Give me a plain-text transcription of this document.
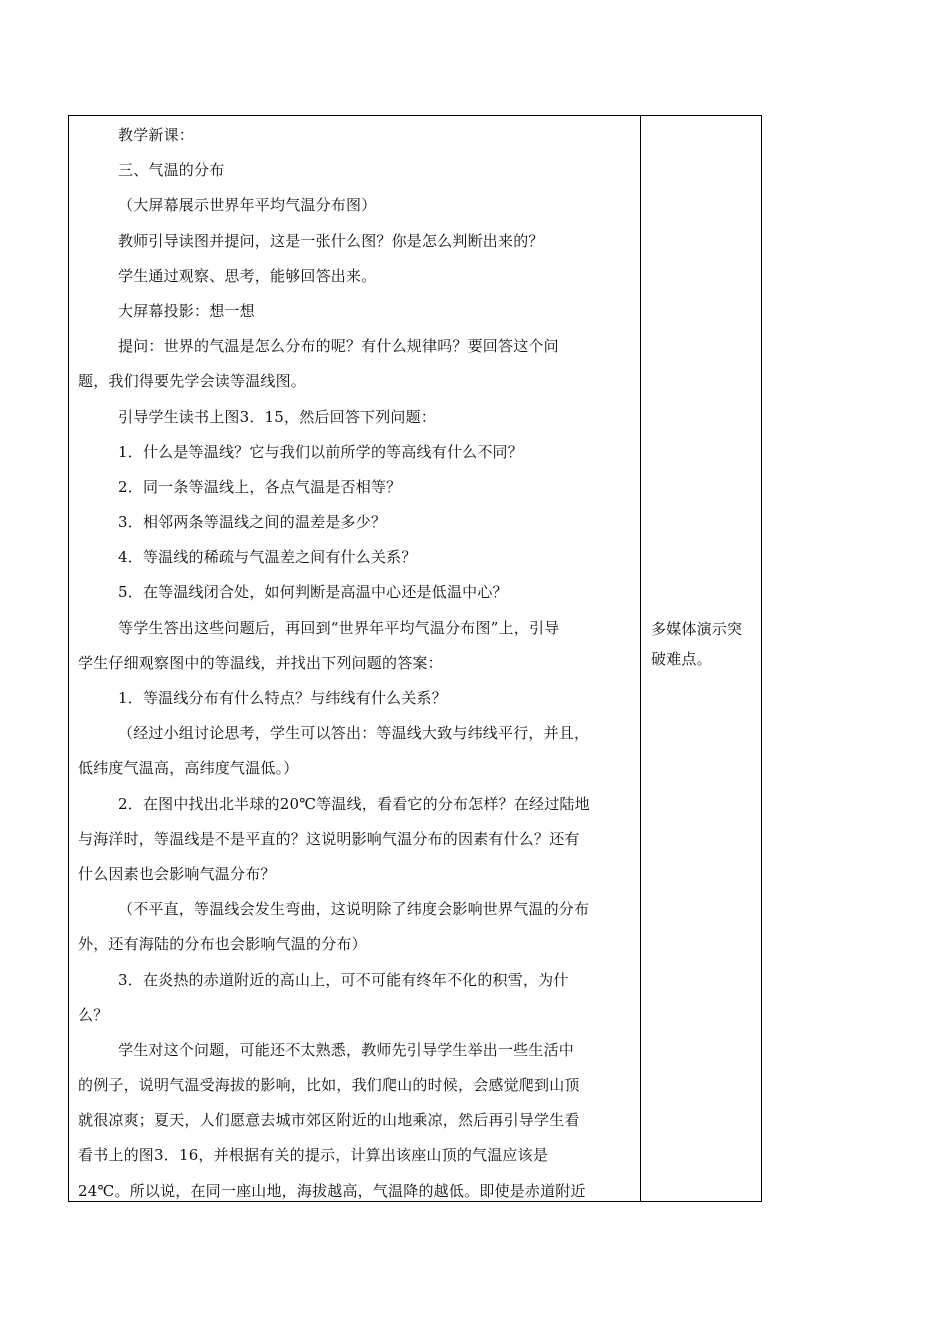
教学新课：
三、气温的分布
（大屏幕展示世界年平均气温分布图）
教师引导读图并提问，这是一张什么图？你是怎么判断出来的？
学生通过观察、思考，能够回答出来。
大屏幕投影：想一想
提问：世界的气温是怎么分布的呢？有什么规律吗？要回答这个问
题，我们得要先学会读等温线图。
引导学生读书上图3．15，然后回答下列问题：
1．什么是等温线？它与我们以前所学的等高线有什么不同？
2．同一条等温线上，各点气温是否相等？
3．相邻两条等温线之间的温差是多少？
4．等温线的稀疏与气温差之间有什么关系？
5．在等温线闭合处，如何判断是高温中心还是低温中心？
等学生答出这些问题后，再回到“世界年平均气温分布图”上，引导
学生仔细观察图中的等温线，并找出下列问题的答案：
1．等温线分布有什么特点？与纬线有什么关系？
（经过小组讨论思考，学生可以答出：等温线大致与纬线平行，并且，
低纬度气温高，高纬度气温低。）
2．在图中找出北半球的20℃等温线，看看它的分布怎样？在经过陆地
与海洋时，等温线是不是平直的？这说明影响气温分布的因素有什么？还有
什么因素也会影响气温分布？
（不平直，等温线会发生弯曲，这说明除了纬度会影响世界气温的分布
外，还有海陆的分布也会影响气温的分布）
3．在炎热的赤道附近的高山上，可不可能有终年不化的积雪，为什
么？
学生对这个问题，可能还不太熟悉，教师先引导学生举出一些生活中
的例子，说明气温受海拔的影响，比如，我们爬山的时候，会感觉爬到山顶
就很凉爽；夏天，人们愿意去城市郊区附近的山地乘凉，然后再引导学生看
看书上的图3．16，并根据有关的提示，计算出该座山顶的气温应该是
24℃。所以说，在同一座山地，海拔越高，气温降的越低。即使是赤道附近
多媒体演示突
破难点。
